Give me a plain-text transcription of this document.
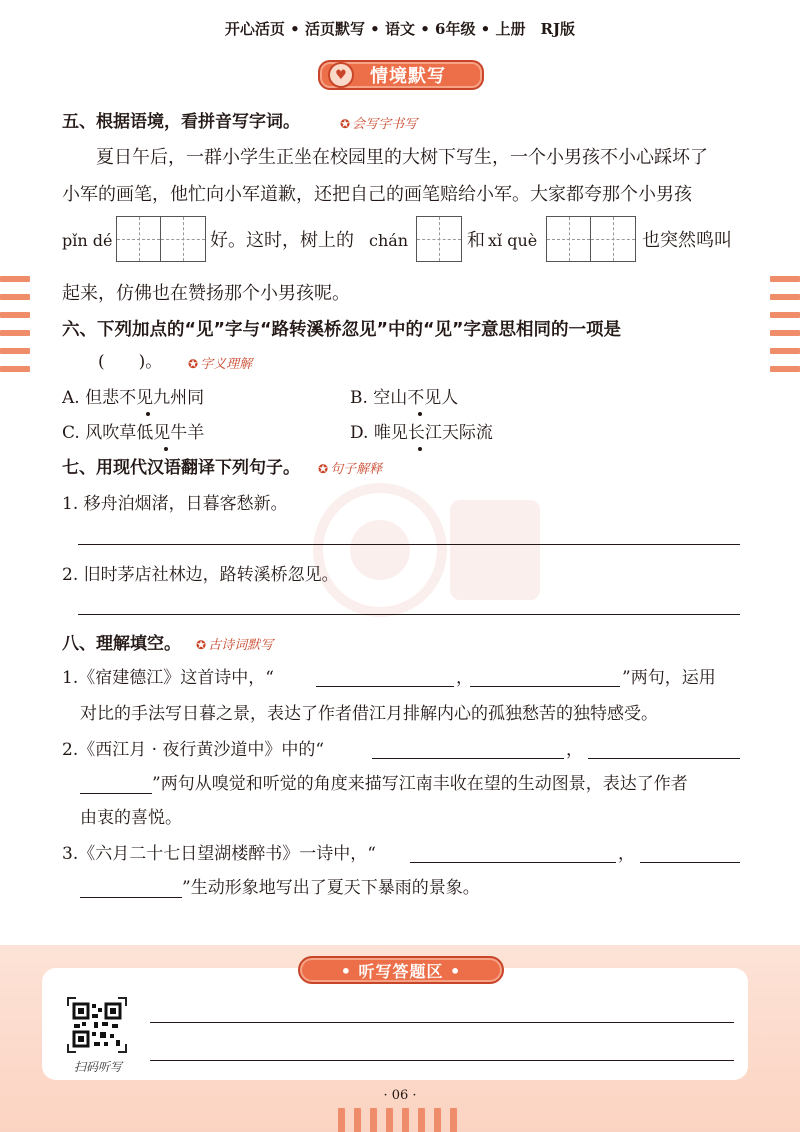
开心活页 • 活页默写 • 语文 • 6年级 • 上册　RJ版
♥	情境默写
五、根据语境，看拼音写字词。	✪ 会写字书写
夏日午后，一群小学生正坐在校园里的大树下写生，一个小男孩不小心踩坏了
小军的画笔，他忙向小军道歉，还把自己的画笔赔给小军。大家都夸那个小男孩
pǐn dé	好。这时，树上的 chán	和 xǐ què	也突然鸣叫
起来，仿佛也在赞扬那个小男孩呢。
六、下列加点的“见”字与“路转溪桥忽见”中的“见”字意思相同的一项是
(　　)。 ✪ 字义理解
A. 但悲不见九州同	B. 空山不见人
C. 风吹草低见牛羊	D. 唯见长江天际流
七、用现代汉语翻译下列句子。 ✪ 句子解释
1. 移舟泊烟渚，日暮客愁新。
2. 旧时茅店社林边，路转溪桥忽见。
八、理解填空。 ✪ 古诗词默写
1.《宿建德江》这首诗中，“	，	”两句，运用
对比的手法写日暮之景，表达了作者借江月排解内心的孤独愁苦的独特感受。
2.《西江月 · 夜行黄沙道中》中的“	，
”两句从嗅觉和听觉的角度来描写江南丰收在望的生动图景，表达了作者
由衷的喜悦。
3.《六月二十七日望湖楼醉书》一诗中，“	，
”生动形象地写出了夏天下暴雨的景象。
• 听写答题区 •
扫码听写
· 06 ·
